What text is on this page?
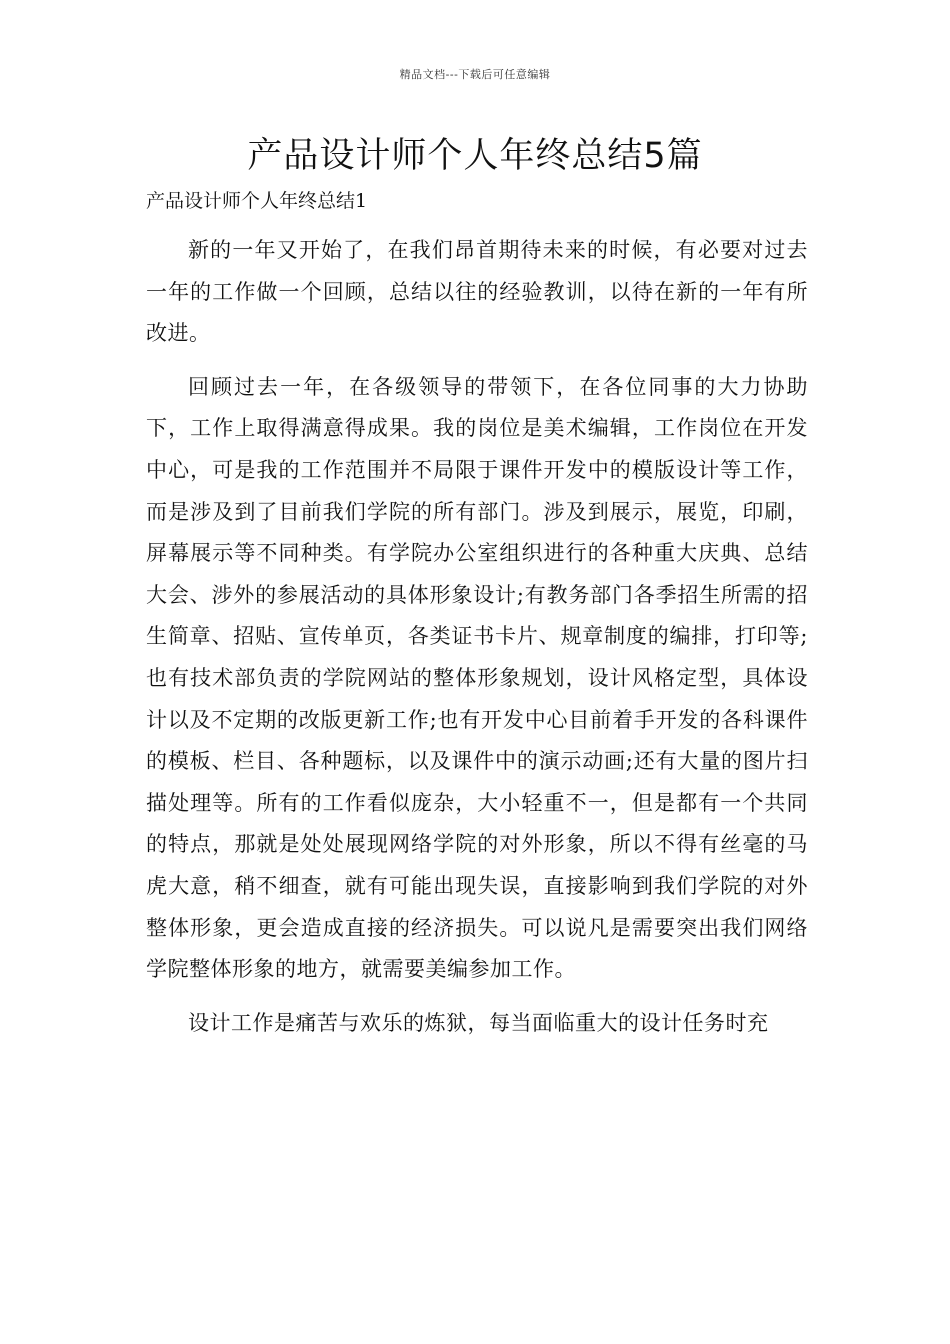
精品文档---下载后可任意编辑
产品设计师个人年终总结5篇
产品设计师个人年终总结1

新的一年又开始了，在我们昂首期待未来的时候，有必要对过去一年的工作做一个回顾，总结以往的经验教训，以待在新的一年有所改进。

回顾过去一年，在各级领导的带领下，在各位同事的大力协助下，工作上取得满意得成果。我的岗位是美术编辑，工作岗位在开发中心，可是我的工作范围并不局限于课件开发中的模版设计等工作，而是涉及到了目前我们学院的所有部门。涉及到展示，展览，印刷，屏幕展示等不同种类。有学院办公室组织进行的各种重大庆典、总结大会、涉外的参展活动的具体形象设计;有教务部门各季招生所需的招生简章、招贴、宣传单页，各类证书卡片、规章制度的编排，打印等;也有技术部负责的学院网站的整体形象规划，设计风格定型，具体设计以及不定期的改版更新工作;也有开发中心目前着手开发的各科课件的模板、栏目、各种题标，以及课件中的演示动画;还有大量的图片扫描处理等。所有的工作看似庞杂，大小轻重不一，但是都有一个共同的特点，那就是处处展现网络学院的对外形象，所以不得有丝毫的马虎大意，稍不细查，就有可能出现失误，直接影响到我们学院的对外整体形象，更会造成直接的经济损失。可以说凡是需要突出我们网络学院整体形象的地方，就需要美编参加工作。

设计工作是痛苦与欢乐的炼狱，每当面临重大的设计任务时充
